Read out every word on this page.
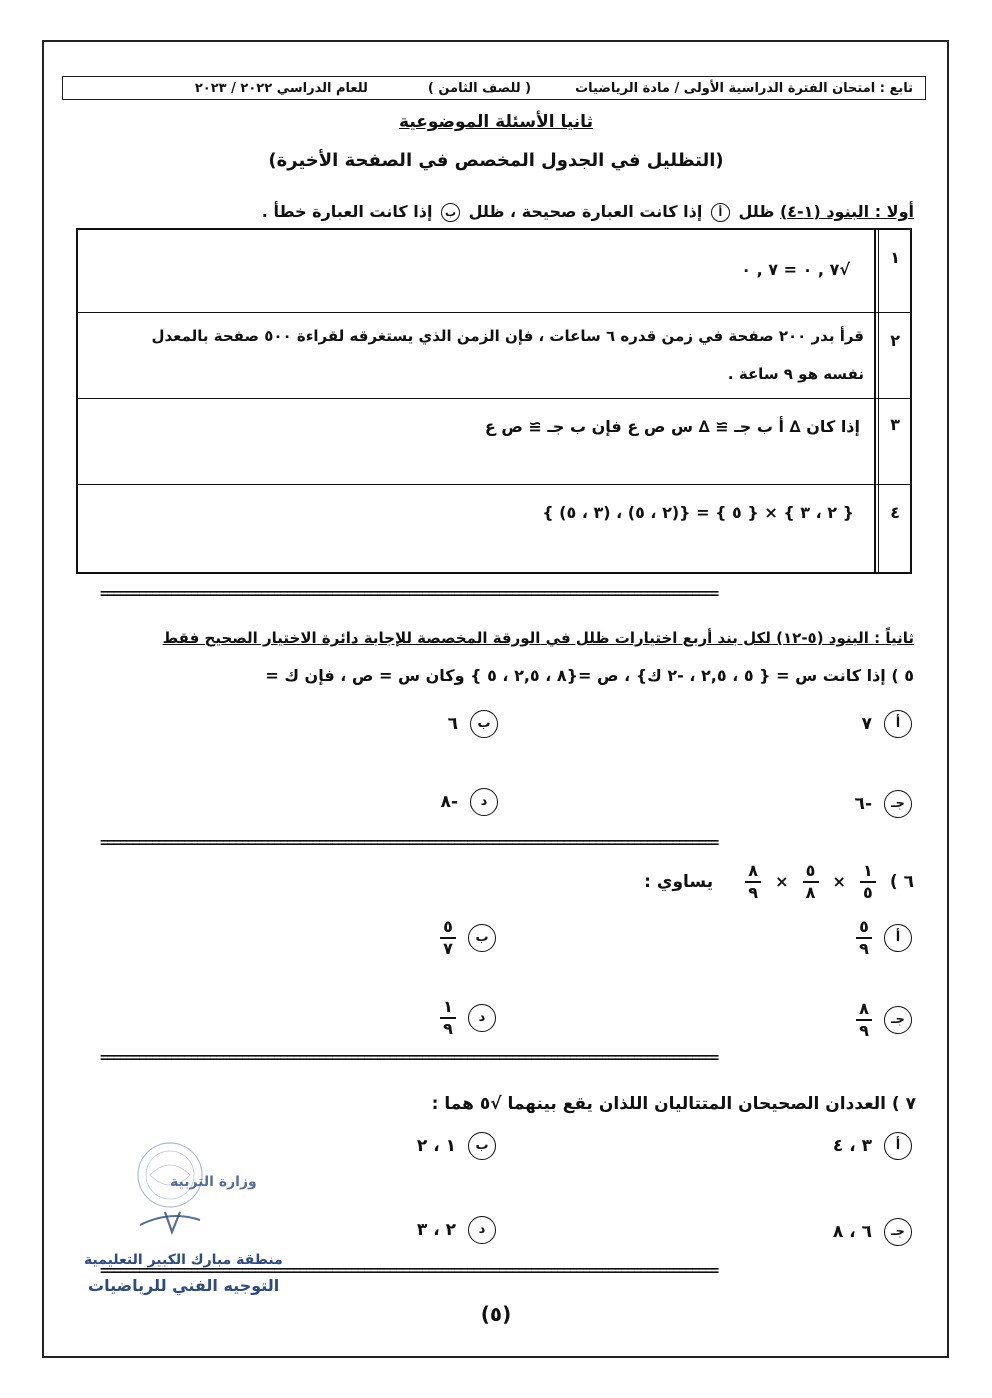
تابع : امتحان الفترة الدراسية الأولى / مادة الرياضيات
( للصف الثامن )
للعام الدراسي ٢٠٢٢ / ٢٠٢٣
ثانيا الأسئلة الموضوعية
(التظليل في الجدول المخصص في الصفحة الأخيرة)
أولا : البنود (١-٤) ظلل أ إذا كانت العبارة صحيحة ، ظلل ب إذا كانت العبارة خطأ .
١
√٧ , ٠ = ٧ , ٠
٢
قرأ بدر ٢٠٠ صفحة في زمن قدره ٦ ساعات ، فإن الزمن الذي يستغرقه لقراءة ٥٠٠ صفحة بالمعدل
نفسه هو ٩ ساعة .
٣
إذا كان ∆ أ ب جـ ≅ ∆ س ص ع فإن ب جـ ≅ ص ع
٤
{ ٢ ، ٣ } × { ٥ } = {(٢ ، ٥) ، (٣ ، ٥) }
=====
ثانياً : البنود (٥-١٢) لكل بند أربع اختيارات ظلل في الورقة المخصصة للإجابة دائرة الاختيار الصحيح فقط
٥ ) إذا كانت س = { ٥ ، ٢,٥ ، -٢ ك} ، ص ={٨ ، ٢,٥ ، ٥ } وكان س = ص ، فإن ك =
أ
٧
ب
٦
جـ
-٦
د
-٨
=====
٦ )
$\frac{١}{٥}$
×
$\frac{٥}{٨}$
×
$\frac{٨}{٩}$
يساوي :
أ
$\frac{٥}{٩}$
ب
$\frac{٥}{٧}$
جـ
$\frac{٨}{٩}$
د
$\frac{١}{٩}$
=====
٧ ) العددان الصحيحان المتتاليان اللذان يقع بينهما √٥ هما :
أ
٣ ، ٤
ب
١ ، ٢
جـ
٦ ، ٨
د
٢ ، ٣
=====
وزارة التربية
منطقة مبارك الكبير التعليمية
التوجيه الفني للرياضيات
(٥)
